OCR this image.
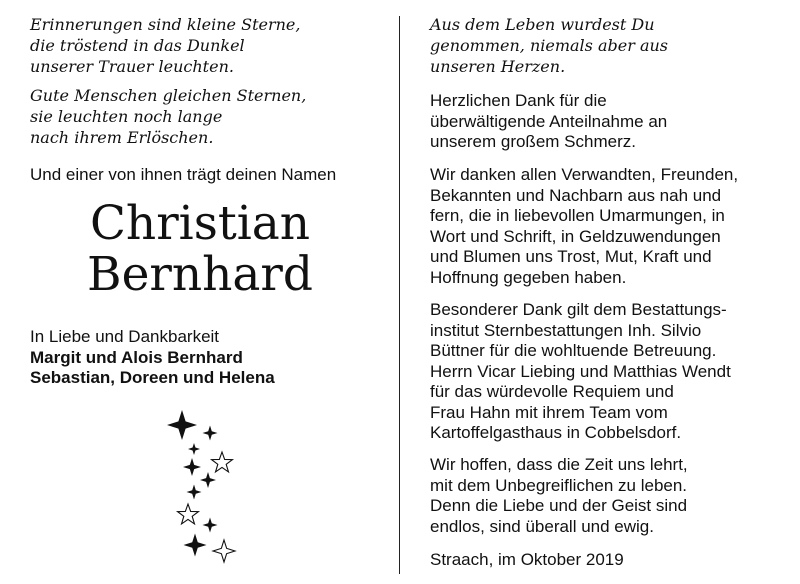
Erinnerungen sind kleine Sterne,
die tröstend in das Dunkel
unserer Trauer leuchten.
Gute Menschen gleichen Sternen,
sie leuchten noch lange
nach ihrem Erlöschen.
Und einer von ihnen trägt deinen Namen
Christian
Bernhard
In Liebe und Dankbarkeit
Margit und Alois Bernhard
Sebastian, Doreen und Helena
Aus dem Leben wurdest Du
genommen, niemals aber aus
unseren Herzen.
Herzlichen Dank für die
überwältigende Anteilnahme an
unserem großem Schmerz.
Wir danken allen Verwandten, Freunden,
Bekannten und Nachbarn aus nah und
fern, die in liebevollen Umarmungen, in
Wort und Schrift, in Geldzuwendungen
und Blumen uns Trost, Mut, Kraft und
Hoffnung gegeben haben.
Besonderer Dank gilt dem Bestattungs-
institut Sternbestattungen Inh. Silvio
Büttner für die wohltuende Betreuung.
Herrn Vicar Liebing und Matthias Wendt
für das würdevolle Requiem und
Frau Hahn mit ihrem Team vom
Kartoffelgasthaus in Cobbelsdorf.
Wir hoffen, dass die Zeit uns lehrt,
mit dem Unbegreiflichen zu leben.
Denn die Liebe und der Geist sind
endlos, sind überall und ewig.
Straach, im Oktober 2019
